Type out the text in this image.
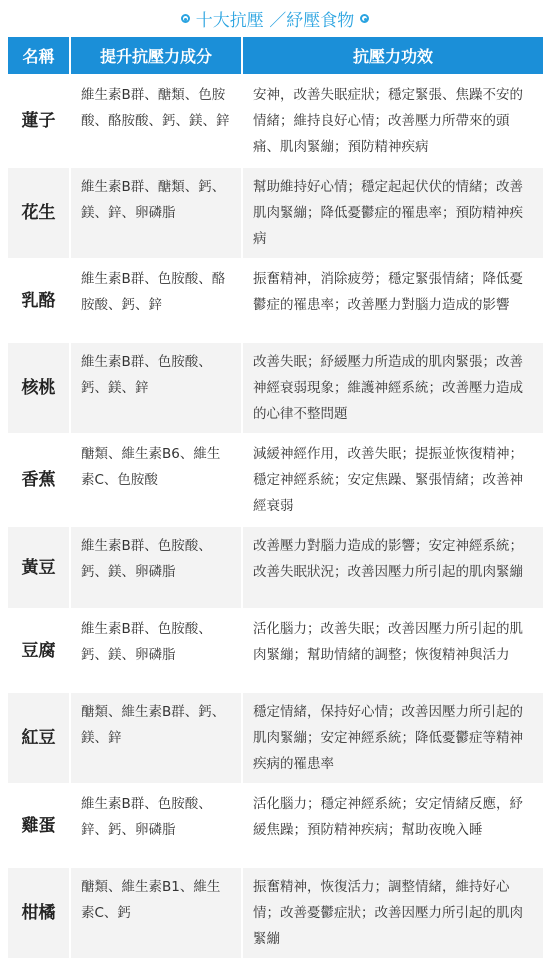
十大抗壓 ／紓壓食物
名稱	提升抗壓力成分	抗壓力功效
蓮子	維生素B群、醣類、色胺酸、酪胺酸、鈣、鎂、鋅	安神，改善失眠症狀；穩定緊張、焦躁不安的情緒；維持良好心情；改善壓力所帶來的頭痛、肌肉緊繃；預防精神疾病
花生	維生素B群、醣類、鈣、鎂、鋅、卵磷脂	幫助維持好心情；穩定起起伏伏的情緒；改善肌肉緊繃；降低憂鬱症的罹患率；預防精神疾病
乳酪	維生素B群、色胺酸、酪胺酸、鈣、鋅	振奮精神，消除疲勞；穩定緊張情緒；降低憂鬱症的罹患率；改善壓力對腦力造成的影響
核桃	維生素B群、色胺酸、鈣、鎂、鋅	改善失眠；紓緩壓力所造成的肌肉緊張；改善神經衰弱現象；維護神經系統；改善壓力造成的心律不整問題
香蕉	醣類、維生素B6、維生素C、色胺酸	減緩神經作用，改善失眠；提振並恢復精神；穩定神經系統；安定焦躁、緊張情緒；改善神經衰弱
黃豆	維生素B群、色胺酸、鈣、鎂、卵磷脂	改善壓力對腦力造成的影響；安定神經系統；改善失眠狀況；改善因壓力所引起的肌肉緊繃
豆腐	維生素B群、色胺酸、鈣、鎂、卵磷脂	活化腦力；改善失眠；改善因壓力所引起的肌肉緊繃；幫助情緒的調整；恢復精神與活力
紅豆	醣類、維生素B群、鈣、鎂、鋅	穩定情緒，保持好心情；改善因壓力所引起的肌肉緊繃；安定神經系統；降低憂鬱症等精神疾病的罹患率
雞蛋	維生素B群、色胺酸、鋅、鈣、卵磷脂	活化腦力；穩定神經系統；安定情緒反應，紓緩焦躁；預防精神疾病；幫助夜晚入睡
柑橘	醣類、維生素B1、維生素C、鈣	振奮精神，恢復活力；調整情緒，維持好心情；改善憂鬱症狀；改善因壓力所引起的肌肉緊繃
